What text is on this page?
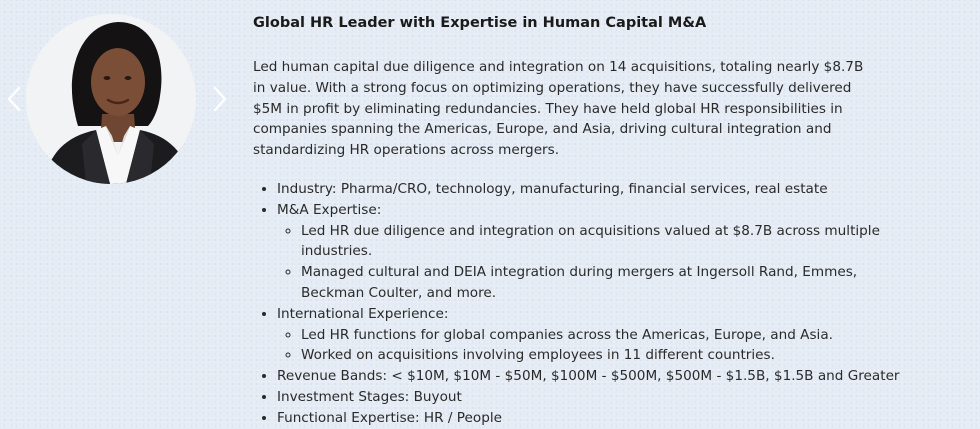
Global HR Leader with Expertise in Human Capital M&A

Led human capital due diligence and integration on 14 acquisitions, totaling nearly $8.7B in value. With a strong focus on optimizing operations, they have successfully delivered $5M in profit by eliminating redundancies. They have held global HR responsibilities in companies spanning the Americas, Europe, and Asia, driving cultural integration and standardizing HR operations across mergers.

• Industry: Pharma/CRO, technology, manufacturing, financial services, real estate
• M&A Expertise:
◦ Led HR due diligence and integration on acquisitions valued at $8.7B across multiple industries.
◦ Managed cultural and DEIA integration during mergers at Ingersoll Rand, Emmes, Beckman Coulter, and more.
• International Experience:
◦ Led HR functions for global companies across the Americas, Europe, and Asia.
◦ Worked on acquisitions involving employees in 11 different countries.
• Revenue Bands: < $10M, $10M - $50M, $100M - $500M, $500M - $1.5B, $1.5B and Greater
• Investment Stages: Buyout
• Functional Expertise: HR / People
